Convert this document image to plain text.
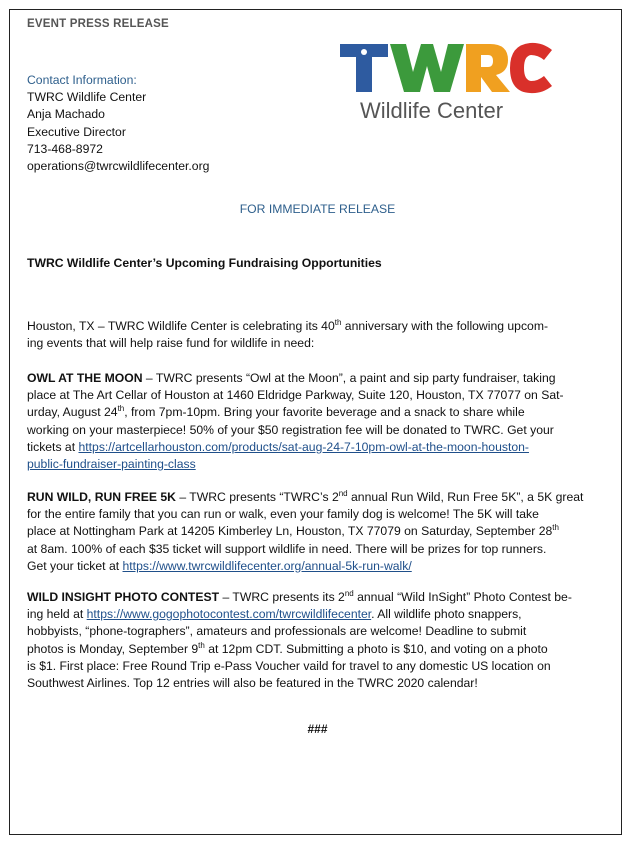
EVENT PRESS RELEASE
Wildlife Center
Contact Information:
TWRC Wildlife Center
Anja Machado
Executive Director
713-468-8972
operations@twrcwildlifecenter.org
FOR IMMEDIATE RELEASE
TWRC Wildlife Center’s Upcoming Fundraising Opportunities

Houston, TX – TWRC Wildlife Center is celebrating its 40th anniversary with the following upcom-

ing events that will help raise fund for wildlife in need:

OWL AT THE MOON – TWRC presents “Owl at the Moon”, a paint and sip party fundraiser, taking

place at The Art Cellar of Houston at 1460 Eldridge Parkway, Suite 120, Houston, TX 77077 on Sat-

urday, August 24th, from 7pm-10pm. Bring your favorite beverage and a snack to share while

working on your masterpiece! 50% of your $50 registration fee will be donated to TWRC. Get your

tickets at https://artcellarhouston.com/products/sat-aug-24-7-10pm-owl-at-the-moon-houston-

public-fundraiser-painting-class

RUN WILD, RUN FREE 5K – TWRC presents “TWRC’s 2nd annual Run Wild, Run Free 5K”, a 5K great

for the entire family that you can run or walk, even your family dog is welcome! The 5K will take

place at Nottingham Park at 14205 Kimberley Ln, Houston, TX 77079 on Saturday, September 28th

at 8am. 100% of each $35 ticket will support wildlife in need. There will be prizes for top runners.

Get your ticket at https://www.twrcwildlifecenter.org/annual-5k-run-walk/

WILD INSIGHT PHOTO CONTEST – TWRC presents its 2nd annual “Wild InSight” Photo Contest be-

ing held at https://www.gogophotocontest.com/twrcwildlifecenter. All wildlife photo snappers,

hobbyists, “phone-tographers”, amateurs and professionals are welcome! Deadline to submit

photos is Monday, September 9th at 12pm CDT. Submitting a photo is $10, and voting on a photo

is $1. First place: Free Round Trip e-Pass Voucher vaild for travel to any domestic US location on

Southwest Airlines. Top 12 entries will also be featured in the TWRC 2020 calendar!

###
